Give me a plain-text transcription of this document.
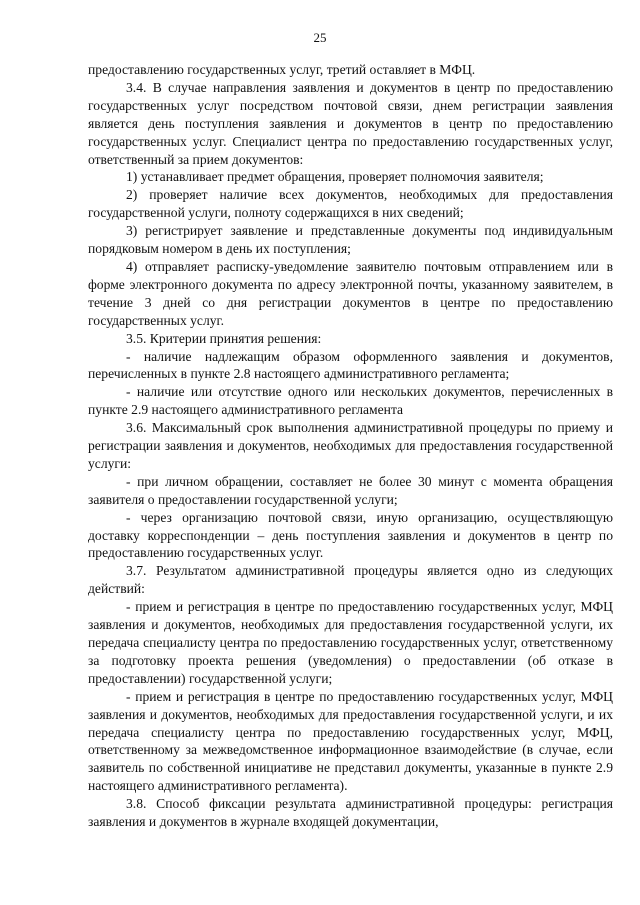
25

предоставлению государственных услуг, третий оставляет в МФЦ.

3.4. В случае направления заявления и документов в центр по предоставлению государственных услуг посредством почтовой связи, днем регистрации заявления является день поступления заявления и документов в центр по предоставлению государственных услуг. Специалист центра по предоставлению государственных услуг, ответственный за прием документов:

1) устанавливает предмет обращения, проверяет полномочия заявителя;

2) проверяет наличие всех документов, необходимых для предоставления государственной услуги, полноту содержащихся в них сведений;

3) регистрирует заявление и представленные документы под индивидуальным порядковым номером в день их поступления;

4) отправляет расписку-уведомление заявителю почтовым отправлением или в форме электронного документа по адресу электронной почты, указанному заявителем, в течение 3 дней со дня регистрации документов в центре по предоставлению государственных услуг.

3.5. Критерии принятия решения:

- наличие надлежащим образом оформленного заявления и документов, перечисленных в пункте 2.8 настоящего административного регламента;

- наличие или отсутствие одного или нескольких документов, перечисленных в пункте 2.9 настоящего административного регламента

3.6. Максимальный срок выполнения административной процедуры по приему и регистрации заявления и документов, необходимых для предоставления государственной услуги:

- при личном обращении, составляет не более 30 минут с момента обращения заявителя о предоставлении государственной услуги;

- через организацию почтовой связи, иную организацию, осуществляющую доставку корреспонденции – день поступления заявления и документов в центр по предоставлению государственных услуг.

3.7. Результатом административной процедуры является одно из следующих действий:

- прием и регистрация в центре по предоставлению государственных услуг, МФЦ заявления и документов, необходимых для предоставления государственной услуги, их передача специалисту центра по предоставлению государственных услуг, ответственному за подготовку проекта решения (уведомления) о предоставлении (об отказе в предоставлении) государственной услуги;

- прием и регистрация в центре по предоставлению государственных услуг, МФЦ заявления и документов, необходимых для предоставления государственной услуги, и их передача специалисту центра по предоставлению государственных услуг, МФЦ, ответственному за межведомственное информационное взаимодействие (в случае, если заявитель по собственной инициативе не представил документы, указанные в пункте 2.9 настоящего административного регламента).

3.8. Способ фиксации результата административной процедуры: регистрация заявления и документов в журнале входящей документации,
